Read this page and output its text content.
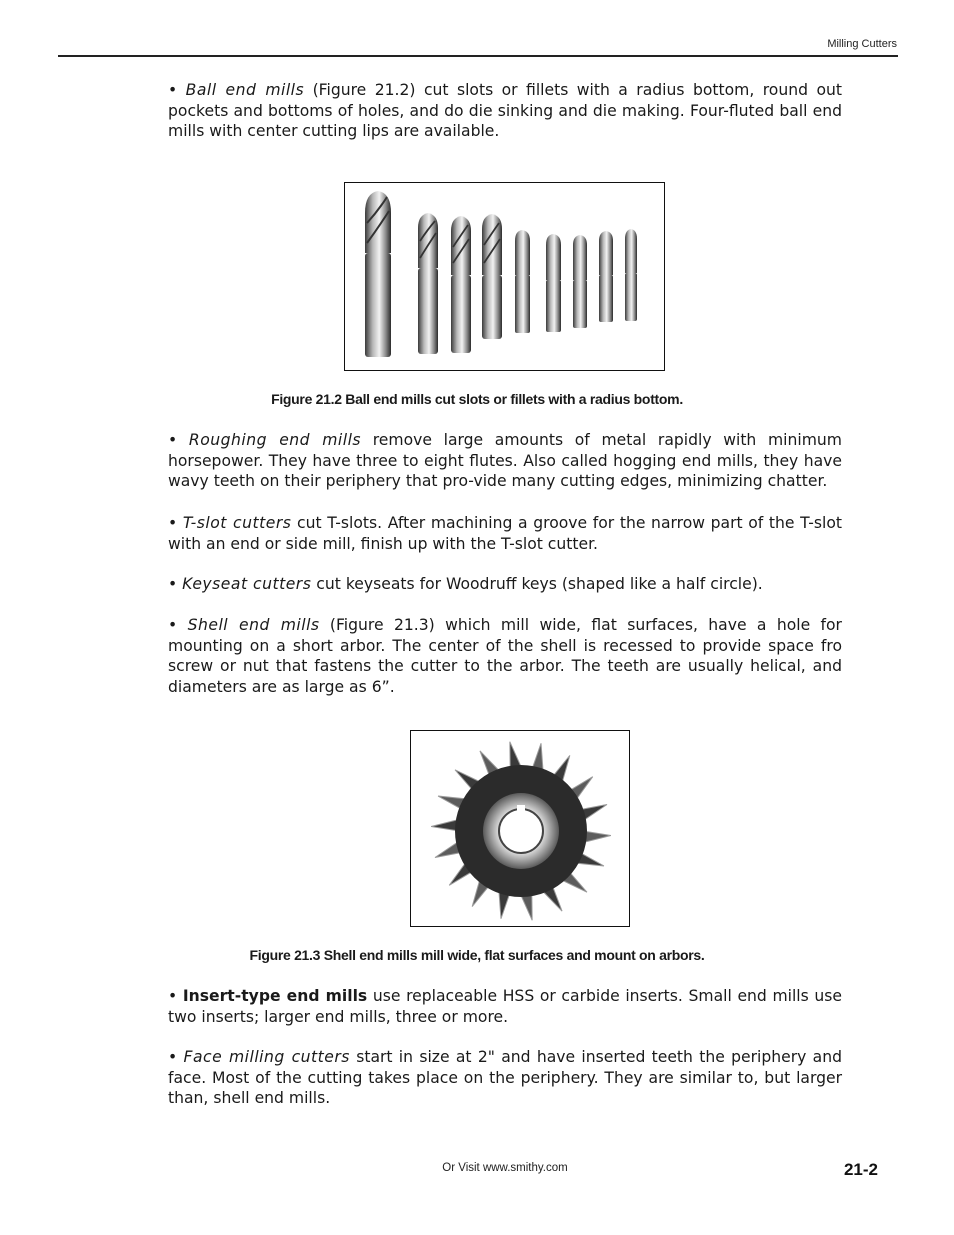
Milling Cutters

• Ball end mills (Figure 21.2) cut slots or fillets with a radius bottom, round out pockets and bottoms of holes, and do die sinking and die making. Four-fluted ball end mills with center cutting lips are available.

Figure 21.2 Ball end mills cut slots or fillets with a radius bottom.

• Roughing end mills remove large amounts of metal rapidly with minimum horsepower. They have three to eight flutes. Also called hogging end mills, they have wavy teeth on their periphery that pro-vide many cutting edges, minimizing chatter.

• T-slot cutters cut T-slots. After machining a groove for the narrow part of the T-slot with an end or side mill, finish up with the T-slot cutter.

• Keyseat cutters cut keyseats for Woodruff keys (shaped like a half circle).

• Shell end mills (Figure 21.3) which mill wide, flat surfaces, have a hole for mounting on a short arbor. The center of the shell is recessed to provide space fro screw or nut that fastens the cutter to the arbor. The teeth are usually helical, and diameters are as large as 6”.

Figure 21.3 Shell end mills mill wide, flat surfaces and mount on arbors.

• Insert-type end mills use replaceable HSS or carbide inserts. Small end mills use two inserts; larger end mills, three or more.

• Face milling cutters start in size at 2" and have inserted teeth the periphery and face. Most of the cutting takes place on the periphery. They are similar to, but larger than, shell end mills.

Or Visit www.smithy.com	21-2
